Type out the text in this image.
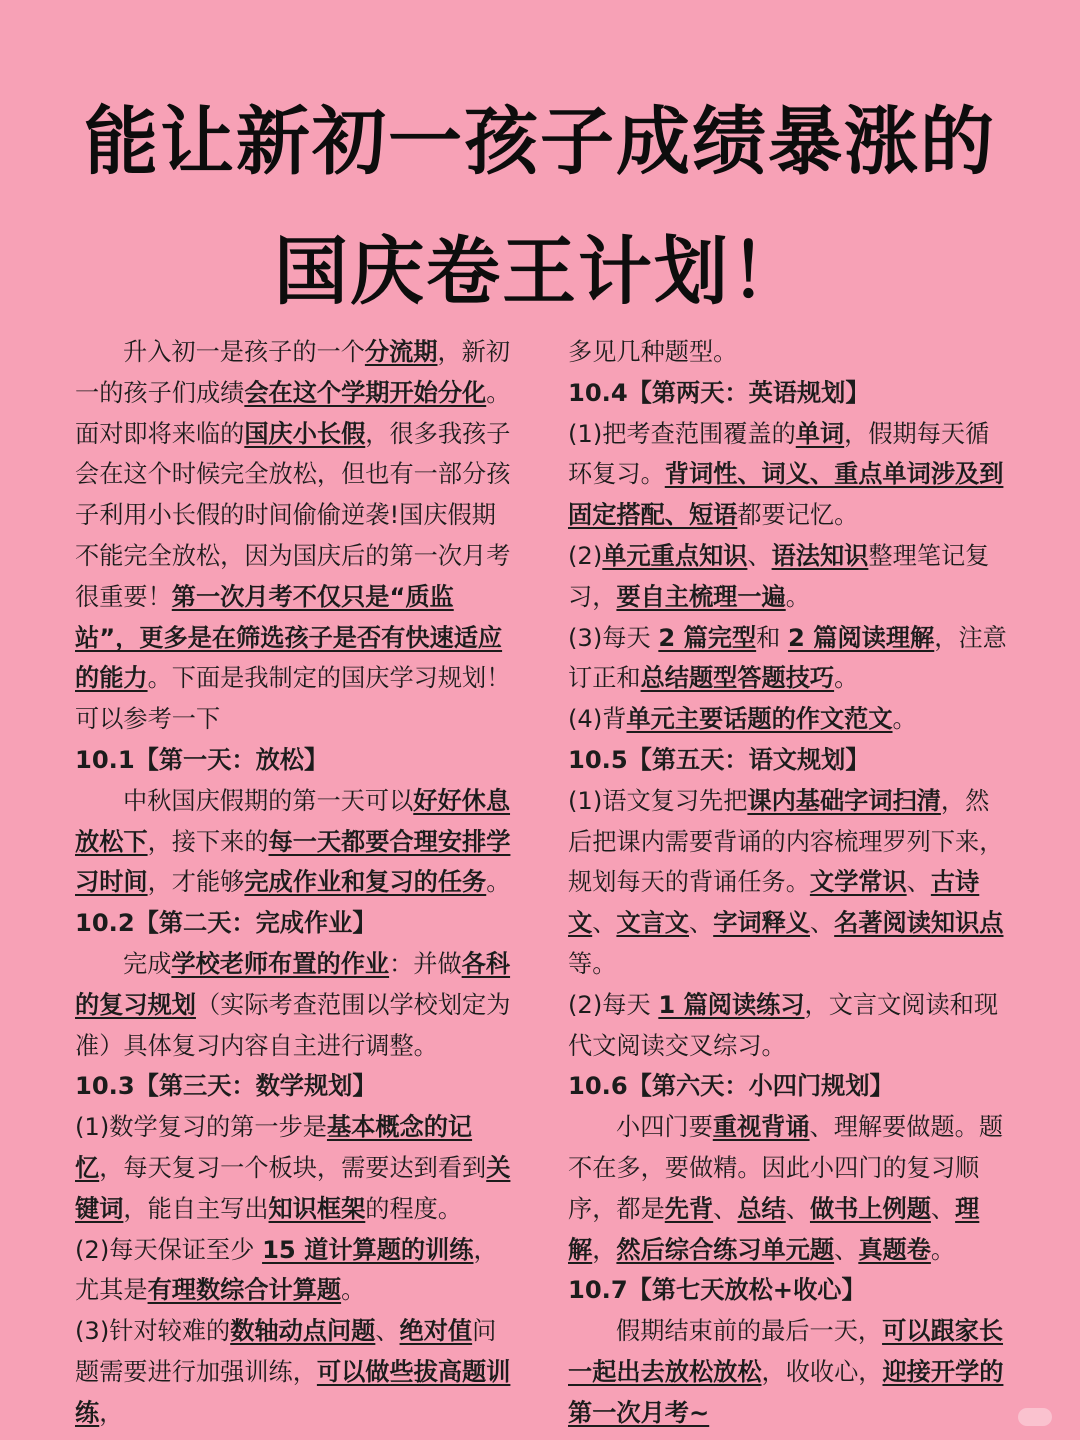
能让新初一孩子成绩暴涨的
国庆卷王计划！

升入初一是孩子的一个分流期，新初一的孩子们成绩会在这个学期开始分化。面对即将来临的国庆小长假，很多我孩子会在这个时候完全放松，但也有一部分孩子利用小长假的时间偷偷逆袭!国庆假期不能完全放松，因为国庆后的第一次月考很重要！第一次月考不仅只是“质监站”，更多是在筛选孩子是否有快速适应的能力。下面是我制定的国庆学习规划！可以参考一下

10.1【第一天：放松】

中秋国庆假期的第一天可以好好休息放松下，接下来的每一天都要合理安排学习时间，才能够完成作业和复习的任务。

10.2【第二天：完成作业】

完成学校老师布置的作业：并做各科的复习规划（实际考查范围以学校划定为准）具体复习内容自主进行调整。

10.3【第三天：数学规划】

(1)数学复习的第一步是基本概念的记忆，每天复习一个板块，需要达到看到关键词，能自主写出知识框架的程度。

(2)每天保证至少 15 道计算题的训练，尤其是有理数综合计算题。

(3)针对较难的数轴动点问题、绝对值问题需要进行加强训练，可以做些拔高题训练，

多见几种题型。

10.4【第两天：英语规划】

(1)把考查范围覆盖的单词，假期每天循环复习。背词性、词义、重点单词涉及到固定搭配、短语都要记忆。

(2)单元重点知识、语法知识整理笔记复习，要自主梳理一遍。

(3)每天 2 篇完型和 2 篇阅读理解，注意订正和总结题型答题技巧。

(4)背单元主要话题的作文范文。

10.5【第五天：语文规划】

(1)语文复习先把课内基础字词扫清，然后把课内需要背诵的内容梳理罗列下来，规划每天的背诵任务。文学常识、古诗文、文言文、字词释义、名著阅读知识点等。

(2)每天 1 篇阅读练习，文言文阅读和现代文阅读交叉综习。

10.6【第六天：小四门规划】

小四门要重视背诵、理解要做题。题不在多，要做精。因此小四门的复习顺序，都是先背、总结、做书上例题、理解，然后综合练习单元题、真题卷。

10.7【第七天放松+收心】

假期结束前的最后一天，可以跟家长一起出去放松放松，收收心，迎接开学的第一次月考~
